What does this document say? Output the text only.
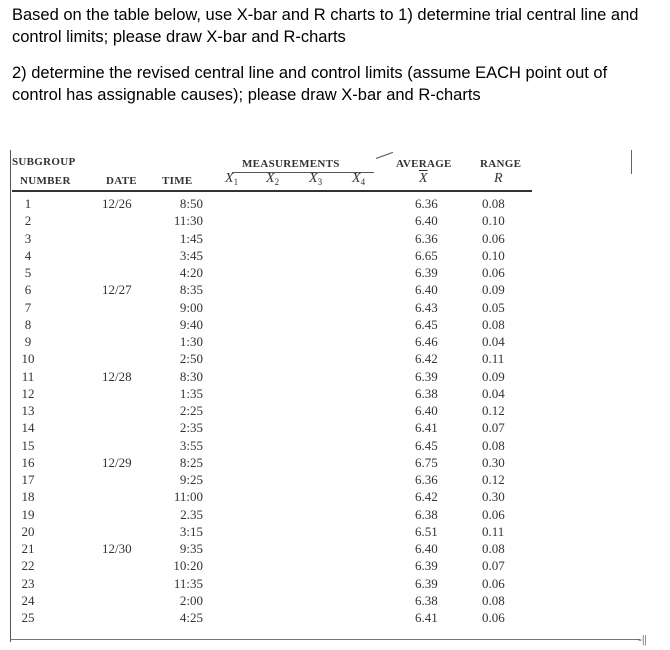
Based on the table below, use X-bar and R charts to 1) determine trial central line and control limits; please draw X-bar and R-charts

2) determine the revised central line and control limits (assume EACH point out of control has assignable causes); please draw X-bar and R-charts

SUBGROUP
NUMBER	DATE TIME
MEASUREMENTS
$X_1$ $X_2$ $X_3$ $X_4$
AVERAGE
$\overline{X}$
RANGE
R
1	12/26	8:50	6.36	0.08
2	11:30	6.40	0.10
3	1:45	6.36	0.06
4	3:45	6.65	0.10
5	4:20	6.39	0.06
6	12/27	8:35	6.40	0.09
7	9:00	6.43	0.05
8	9:40	6.45	0.08
9	1:30	6.46	0.04
10	2:50	6.42	0.11
11	12/28	8:30	6.39	0.09
12	1:35	6.38	0.04
13	2:25	6.40	0.12
14	2:35	6.41	0.07
15	3:55	6.45	0.08
16	12/29	8:25	6.75	0.30
17	9:25	6.36	0.12
18	11:00	6.42	0.30
19	2.35	6.38	0.06
20	3:15	6.51	0.11
21	12/30	9:35	6.40	0.08
22	10:20	6.39	0.07
23	11:35	6.39	0.06
24	2:00	6.38	0.08
25	4:25	6.41	0.06
-||
